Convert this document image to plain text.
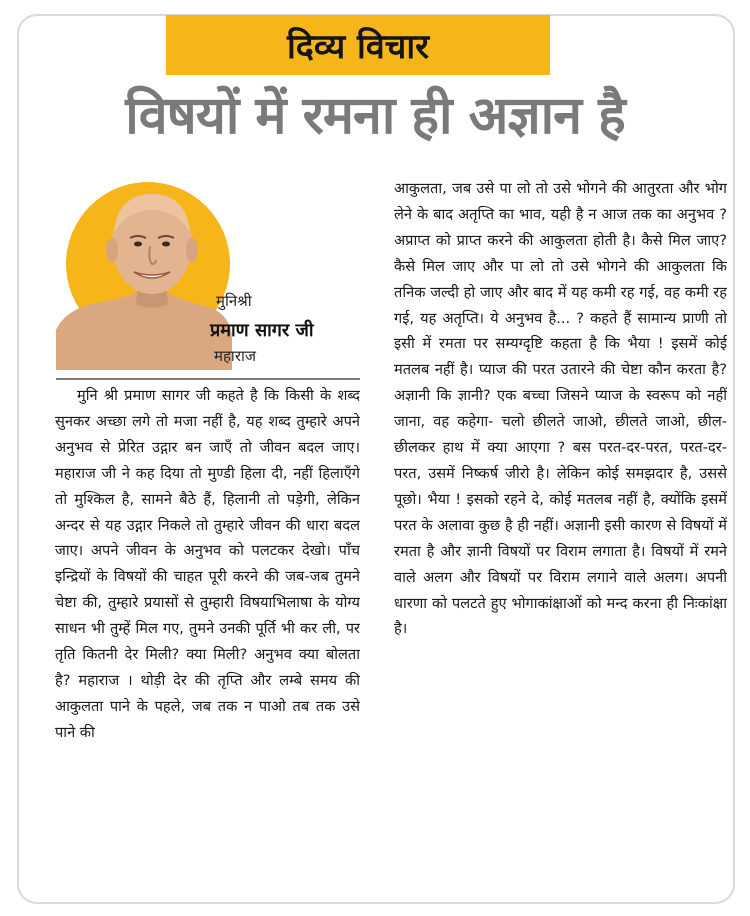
दिव्य विचार
विषयों में रमना ही अज्ञान है
मुनिश्री
प्रमाण सागर जी
महाराज

मुनि श्री प्रमाण सागर जी कहते है कि किसी के शब्द सुनकर अच्छा लगे तो मजा नहीं है, यह शब्द तुम्हारे अपने अनुभव से प्रेरित उद्गार बन जाएँ तो जीवन बदल जाए। महाराज जी ने कह दिया तो मुण्डी हिला दी, नहीं हिलाएँगे तो मुश्किल है, सामने बैठे हैं, हिलानी तो पड़ेगी, लेकिन अन्दर से यह उद्गार निकले तो तुम्हारे जीवन की धारा बदल जाए। अपने जीवन के अनुभव को पलटकर देखो। पाँच इन्द्रियों के विषयों की चाहत पूरी करने की जब-जब तुमने चेष्टा की, तुम्हारे प्रयासों से तुम्हारी विषयाभिलाषा के योग्य साधन भी तुम्हें मिल गए, तुमने उनकी पूर्ति भी कर ली, पर तृति कितनी देर मिली? क्या मिली? अनुभव क्या बोलता है? महाराज । थोड़ी देर की तृप्ति और लम्बे समय की आकुलता पाने के पहले, जब तक न पाओ तब तक उसे पाने की

आकुलता, जब उसे पा लो तो उसे भोगने की आतुरता और भोग लेने के बाद अतृप्ति का भाव, यही है न आज तक का अनुभव ? अप्राप्त को प्राप्त करने की आकुलता होती है। कैसे मिल जाए? कैसे मिल जाए और पा लो तो उसे भोगने की आकुलता कि तनिक जल्दी हो जाए और बाद में यह कमी रह गई, वह कमी रह गई, यह अतृप्ति। ये अनुभव है... ? कहते हैं सामान्य प्राणी तो इसी में रमता पर सम्यग्दृष्टि कहता है कि भैया ! इसमें कोई मतलब नहीं है। प्याज की परत उतारने की चेष्टा कौन करता है? अज्ञानी कि ज्ञानी? एक बच्चा जिसने प्याज के स्वरूप को नहीं जाना, वह कहेगा- चलो छीलते जाओ, छीलते जाओ, छील-छीलकर हाथ में क्या आएगा ? बस परत-दर-परत, परत-दर-परत, उसमें निष्कर्ष जीरो है। लेकिन कोई समझदार है, उससे पूछो। भैया ! इसको रहने दे, कोई मतलब नहीं है, क्योंकि इसमें परत के अलावा कुछ है ही नहीं। अज्ञानी इसी कारण से विषयों में रमता है और ज्ञानी विषयों पर विराम लगाता है। विषयों में रमने वाले अलग और विषयों पर विराम लगाने वाले अलग। अपनी धारणा को पलटते हुए भोगाकांक्षाओं को मन्द करना ही निःकांक्षा है।
